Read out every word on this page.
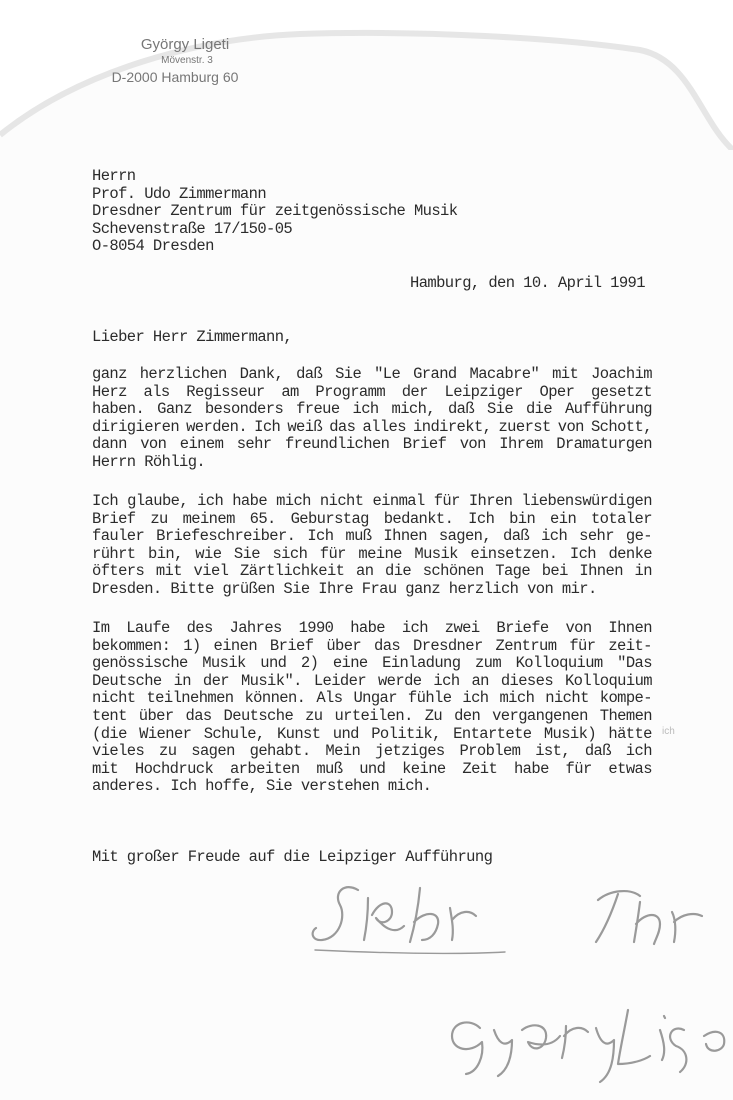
György Ligeti
Mövenstr. 3
D-2000 Hamburg 60
Herrn
Prof. Udo Zimmermann
Dresdner Zentrum für zeitgenössische Musik
Schevenstraße 17/150-05
O-8054 Dresden
Hamburg, den 10. April 1991
Lieber Herr Zimmermann,
ganz herzlichen Dank, daß Sie "Le Grand Macabre" mit Joachim
Herz als Regisseur am Programm der Leipziger Oper gesetzt
haben. Ganz besonders freue ich mich, daß Sie die Aufführung
dirigieren werden. Ich weiß das alles indirekt, zuerst von Schott,
dann von einem sehr freundlichen Brief von Ihrem Dramaturgen
Herrn Röhlig.
Ich glaube, ich habe mich nicht einmal für Ihren liebenswürdigen
Brief zu meinem 65. Geburstag bedankt. Ich bin ein totaler
fauler Briefeschreiber. Ich muß Ihnen sagen, daß ich sehr ge-
rührt bin, wie Sie sich für meine Musik einsetzen. Ich denke
öfters mit viel Zärtlichkeit an die schönen Tage bei Ihnen in
Dresden. Bitte grüßen Sie Ihre Frau ganz herzlich von mir.
Im Laufe des Jahres 1990 habe ich zwei Briefe von Ihnen
bekommen: 1) einen Brief über das Dresdner Zentrum für zeit-
genössische Musik und 2) eine Einladung zum Kolloquium "Das
Deutsche in der Musik". Leider werde ich an dieses Kolloquium
nicht teilnehmen können. Als Ungar fühle ich mich nicht kompe-
tent über das Deutsche zu urteilen. Zu den vergangenen Themen
(die Wiener Schule, Kunst und Politik, Entartete Musik) hätte
vieles zu sagen gehabt. Mein jetziges Problem ist, daß ich
mit Hochdruck arbeiten muß und keine Zeit habe für etwas
anderes. Ich hoffe, Sie verstehen mich.
ich
Mit großer Freude auf die Leipziger Aufführung
